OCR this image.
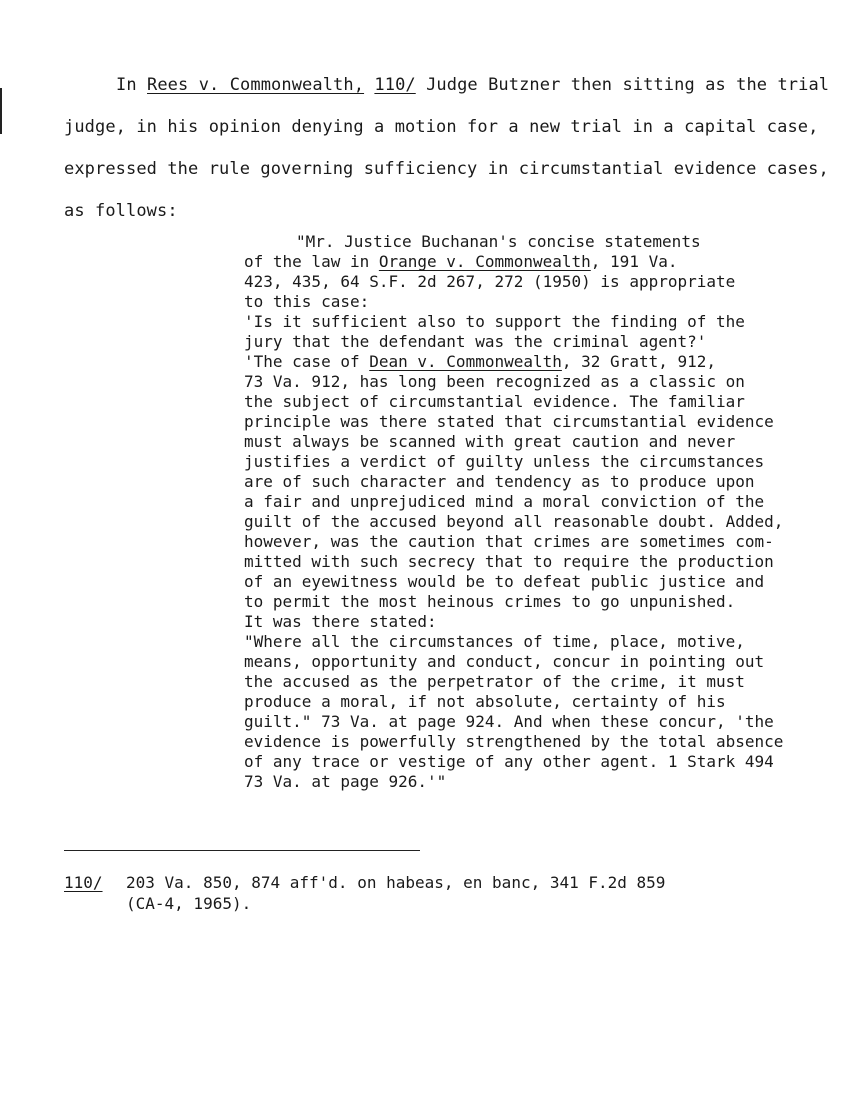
In Rees v. Commonwealth, 110/ Judge Butzner then sitting as the trial
judge, in his opinion denying a motion for a new trial in a capital case,
expressed the rule governing sufficiency in circumstantial evidence cases,
as follows:
"Mr. Justice Buchanan's concise statements
of the law in Orange v. Commonwealth, 191 Va.
423, 435, 64 S.F. 2d 267, 272 (1950) is appropriate
to this case:
'Is it sufficient also to support the finding of the
jury that the defendant was the criminal agent?'
'The case of Dean v. Commonwealth, 32 Gratt, 912,
73 Va. 912, has long been recognized as a classic on
the subject of circumstantial evidence. The familiar
principle was there stated that circumstantial evidence
must always be scanned with great caution and never
justifies a verdict of guilty unless the circumstances
are of such character and tendency as to produce upon
a fair and unprejudiced mind a moral conviction of the
guilt of the accused beyond all reasonable doubt. Added,
however, was the caution that crimes are sometimes com-
mitted with such secrecy that to require the production
of an eyewitness would be to defeat public justice and
to permit the most heinous crimes to go unpunished.
It was there stated:
"Where all the circumstances of time, place, motive,
means, opportunity and conduct, concur in pointing out
the accused as the perpetrator of the crime, it must
produce a moral, if not absolute, certainty of his
guilt." 73 Va. at page 924. And when these concur, 'the
evidence is powerfully strengthened by the total absence
of any trace or vestige of any other agent. 1 Stark 494
73 Va. at page 926.'"
110/ 203 Va. 850, 874 aff'd. on habeas, en banc, 341 F.2d 859
(CA-4, 1965).
